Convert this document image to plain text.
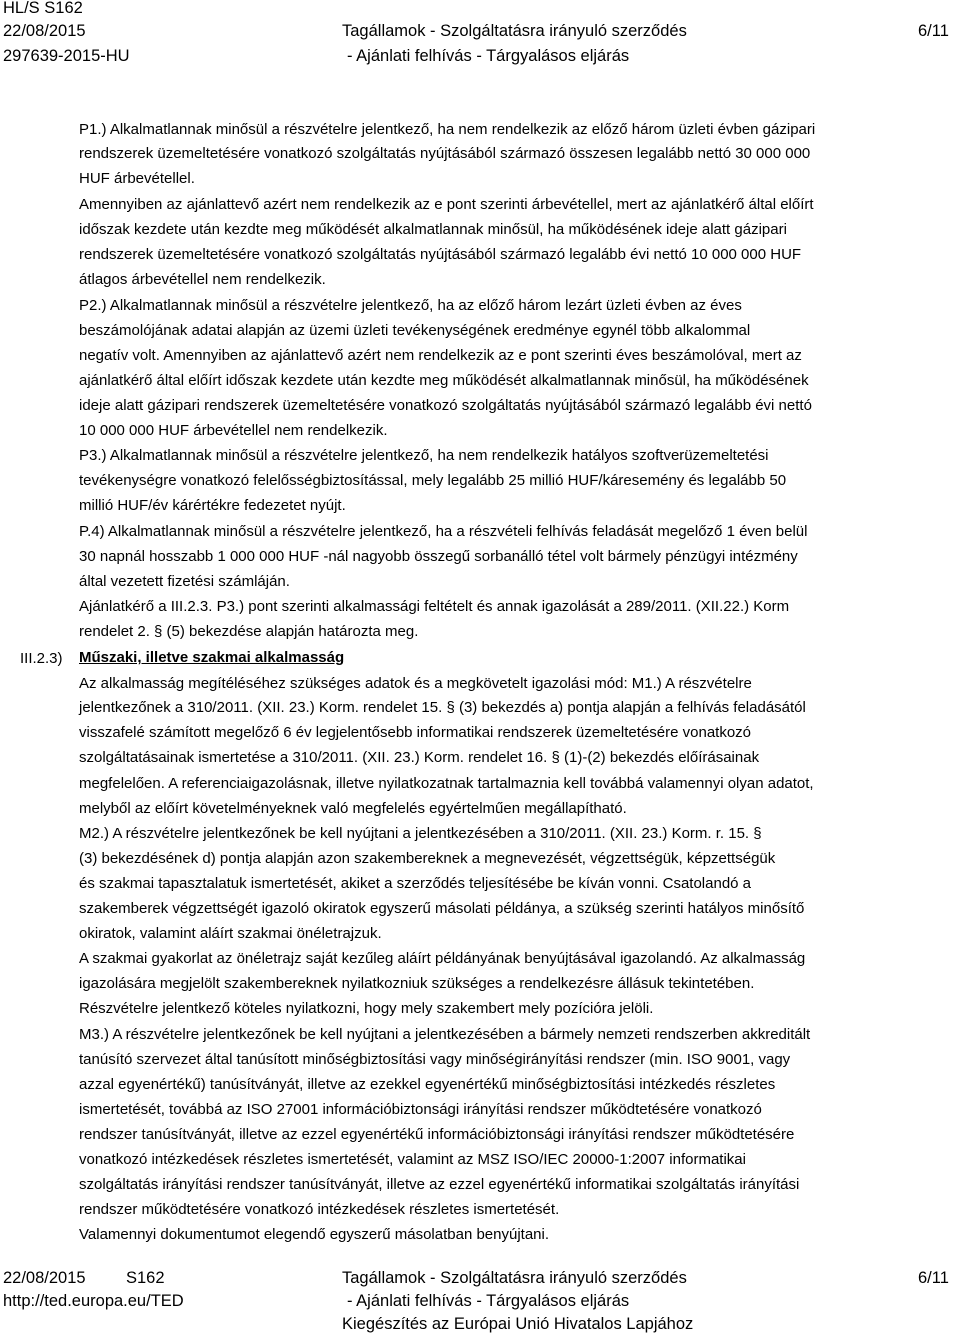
HL/S S162
22/08/2015
297639-2015-HU
Tagállamok - Szolgáltatásra irányuló szerződés
- Ajánlati felhívás - Tárgyalásos eljárás
6/11
P1.) Alkalmatlannak minősül a részvételre jelentkező, ha nem rendelkezik az előző három üzleti évben gázipari
rendszerek üzemeltetésére vonatkozó szolgáltatás nyújtásából származó összesen legalább nettó 30 000 000
HUF árbevétellel.
Amennyiben az ajánlattevő azért nem rendelkezik az e pont szerinti árbevétellel, mert az ajánlatkérő által előírt
időszak kezdete után kezdte meg működését alkalmatlannak minősül, ha működésének ideje alatt gázipari
rendszerek üzemeltetésére vonatkozó szolgáltatás nyújtásából származó legalább évi nettó 10 000 000 HUF
átlagos árbevétellel nem rendelkezik.
P2.) Alkalmatlannak minősül a részvételre jelentkező, ha az előző három lezárt üzleti évben az éves
beszámolójának adatai alapján az üzemi üzleti tevékenységének eredménye egynél több alkalommal
negatív volt. Amennyiben az ajánlattevő azért nem rendelkezik az e pont szerinti éves beszámolóval, mert az
ajánlatkérő által előírt időszak kezdete után kezdte meg működését alkalmatlannak minősül, ha működésének
ideje alatt gázipari rendszerek üzemeltetésére vonatkozó szolgáltatás nyújtásából származó legalább évi nettó
10 000 000 HUF árbevétellel nem rendelkezik.
P3.) Alkalmatlannak minősül a részvételre jelentkező, ha nem rendelkezik hatályos szoftverüzemeltetési
tevékenységre vonatkozó felelősségbiztosítással, mely legalább 25 millió HUF/káresemény és legalább 50
millió HUF/év kárértékre fedezetet nyújt.
P.4) Alkalmatlannak minősül a részvételre jelentkező, ha a részvételi felhívás feladását megelőző 1 éven belül
30 napnál hosszabb 1 000 000 HUF -nál nagyobb összegű sorbanálló tétel volt bármely pénzügyi intézmény
által vezetett fizetési számláján.
Ajánlatkérő a III.2.3. P3.) pont szerinti alkalmassági feltételt és annak igazolását a 289/2011. (XII.22.) Korm
rendelet 2. § (5) bekezdése alapján határozta meg.
III.2.3) Műszaki, illetve szakmai alkalmasság
Az alkalmasság megítéléséhez szükséges adatok és a megkövetelt igazolási mód: M1.) A részvételre
jelentkezőnek a 310/2011. (XII. 23.) Korm. rendelet 15. § (3) bekezdés a) pontja alapján a felhívás feladásától
visszafelé számított megelőző 6 év legjelentősebb informatikai rendszerek üzemeltetésére vonatkozó
szolgáltatásainak ismertetése a 310/2011. (XII. 23.) Korm. rendelet 16. § (1)-(2) bekezdés előírásainak
megfelelően. A referenciaigazolásnak, illetve nyilatkozatnak tartalmaznia kell továbbá valamennyi olyan adatot,
melyből az előírt követelményeknek való megfelelés egyértelműen megállapítható.
M2.) A részvételre jelentkezőnek be kell nyújtani a jelentkezésében a 310/2011. (XII. 23.) Korm. r. 15. §
(3) bekezdésének d) pontja alapján azon szakembereknek a megnevezését, végzettségük, képzettségük
és szakmai tapasztalatuk ismertetését, akiket a szerződés teljesítésébe be kíván vonni. Csatolandó a
szakemberek végzettségét igazoló okiratok egyszerű másolati példánya, a szükség szerinti hatályos minősítő
okiratok, valamint aláírt szakmai önéletrajzuk.
A szakmai gyakorlat az önéletrajz saját kezűleg aláírt példányának benyújtásával igazolandó. Az alkalmasság
igazolására megjelölt szakembereknek nyilatkozniuk szükséges a rendelkezésre állásuk tekintetében.
Részvételre jelentkező köteles nyilatkozni, hogy mely szakembert mely pozícióra jelöli.
M3.) A részvételre jelentkezőnek be kell nyújtani a jelentkezésében a bármely nemzeti rendszerben akkreditált
tanúsító szervezet által tanúsított minőségbiztosítási vagy minőségirányítási rendszer (min. ISO 9001, vagy
azzal egyenértékű) tanúsítványát, illetve az ezekkel egyenértékű minőségbiztosítási intézkedés részletes
ismertetését, továbbá az ISO 27001 információbiztonsági irányítási rendszer működtetésére vonatkozó
rendszer tanúsítványát, illetve az ezzel egyenértékű információbiztonsági irányítási rendszer működtetésére
vonatkozó intézkedések részletes ismertetését, valamint az MSZ ISO/IEC 20000-1:2007 informatikai
szolgáltatás irányítási rendszer tanúsítványát, illetve az ezzel egyenértékű informatikai szolgáltatás irányítási
rendszer működtetésére vonatkozó intézkedések részletes ismertetését.
Valamennyi dokumentumot elegendő egyszerű másolatban benyújtani.
22/08/2015 S162
http://ted.europa.eu/TED
Tagállamok - Szolgáltatásra irányuló szerződés
- Ajánlati felhívás - Tárgyalásos eljárás
Kiegészítés az Európai Unió Hivatalos Lapjához
6/11
